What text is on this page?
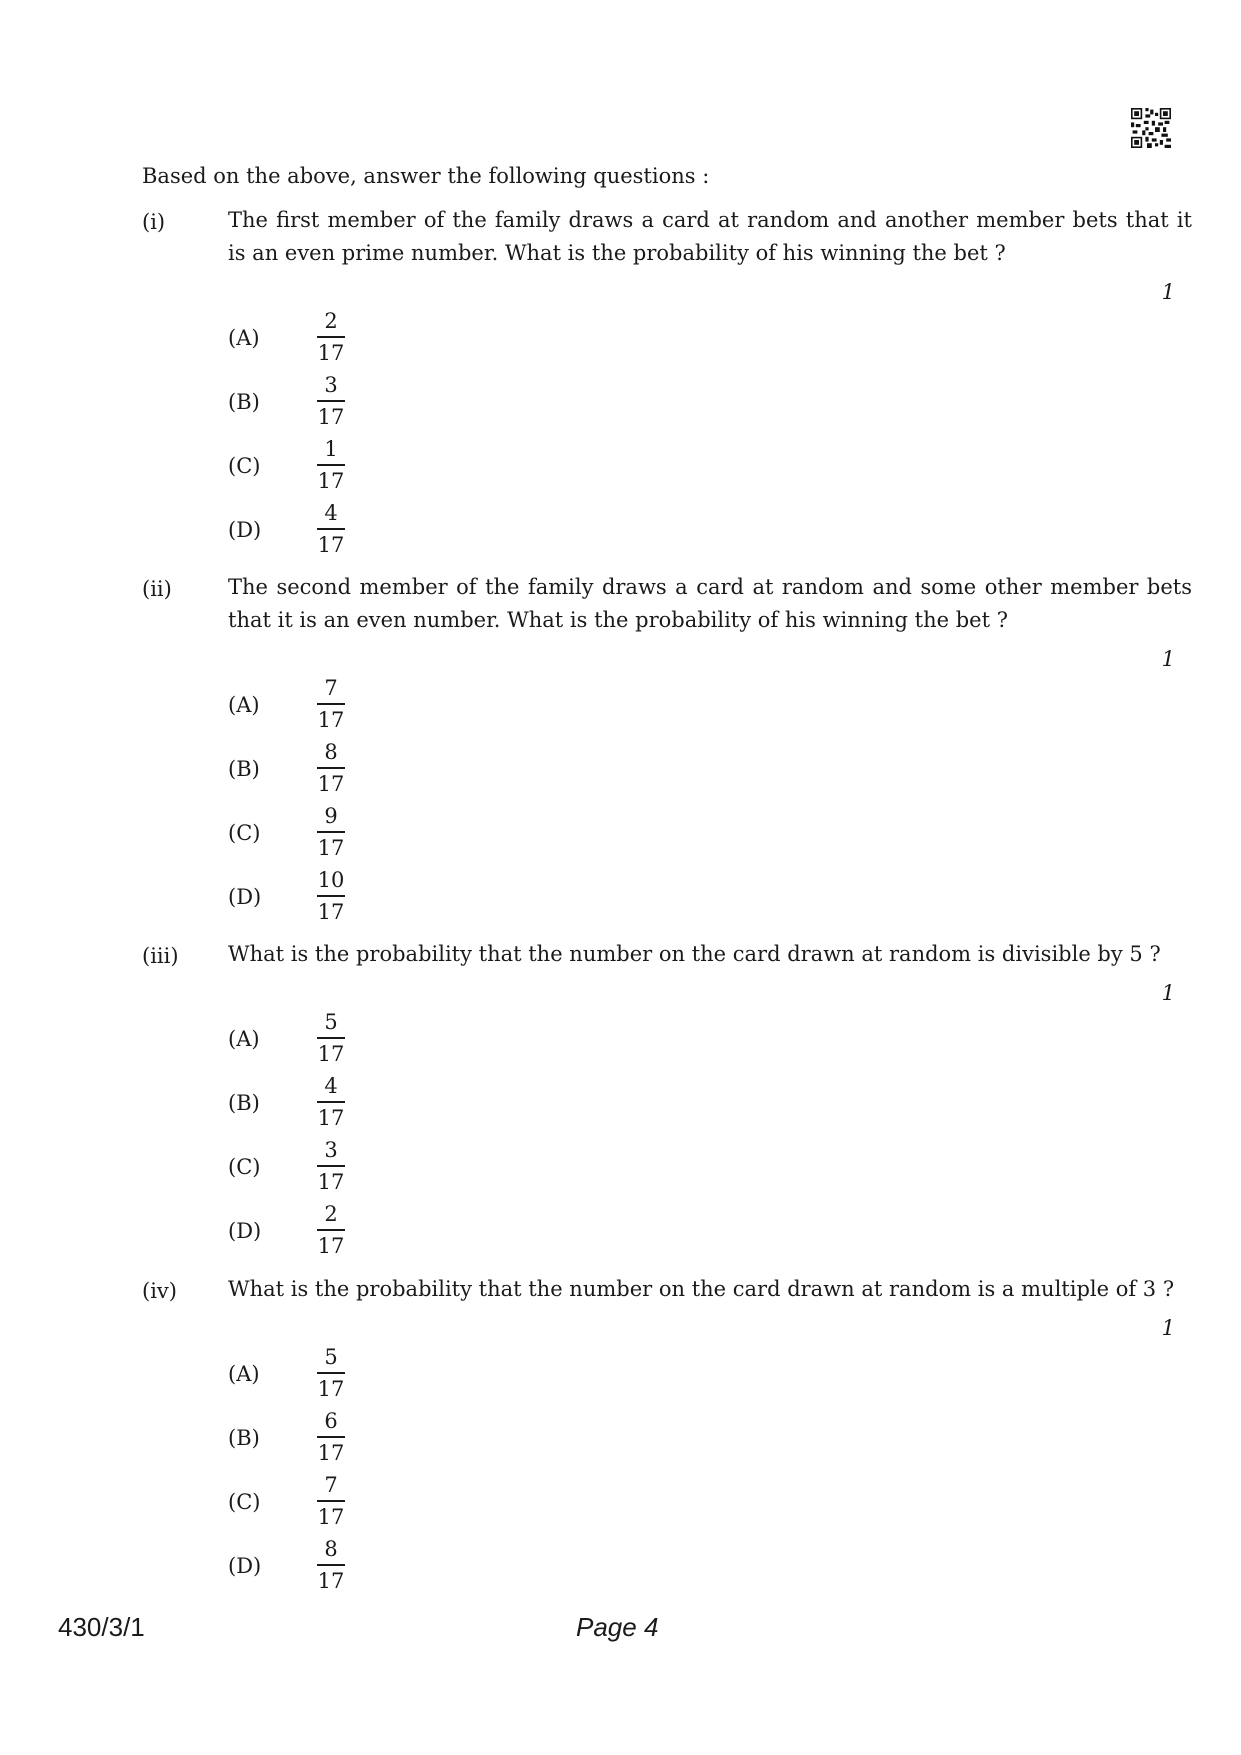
Based on the above, answer the following questions :
(i)	The first member of the family draws a card at random and another member bets that it is an even prime number. What is the probability of his winning the bet ?
1
(A)
2
17
(B)
3
17
(C)
1
17
(D)
4
17
(ii)	The second member of the family draws a card at random and some other member bets that it is an even number. What is the probability of his winning the bet ?
1
(A)
7
17
(B)
8
17
(C)
9
17
(D)
10
17
(iii) What is the probability that the number on the card drawn at random is divisible by 5 ?
1
(A)
5
17
(B)
4
17
(C)
3
17
(D)
2
17
(iv) What is the probability that the number on the card drawn at random is a multiple of 3 ?
1
(A)
5
17
(B)
6
17
(C)
7
17
(D)
8
17
430/3/1	Page 4
